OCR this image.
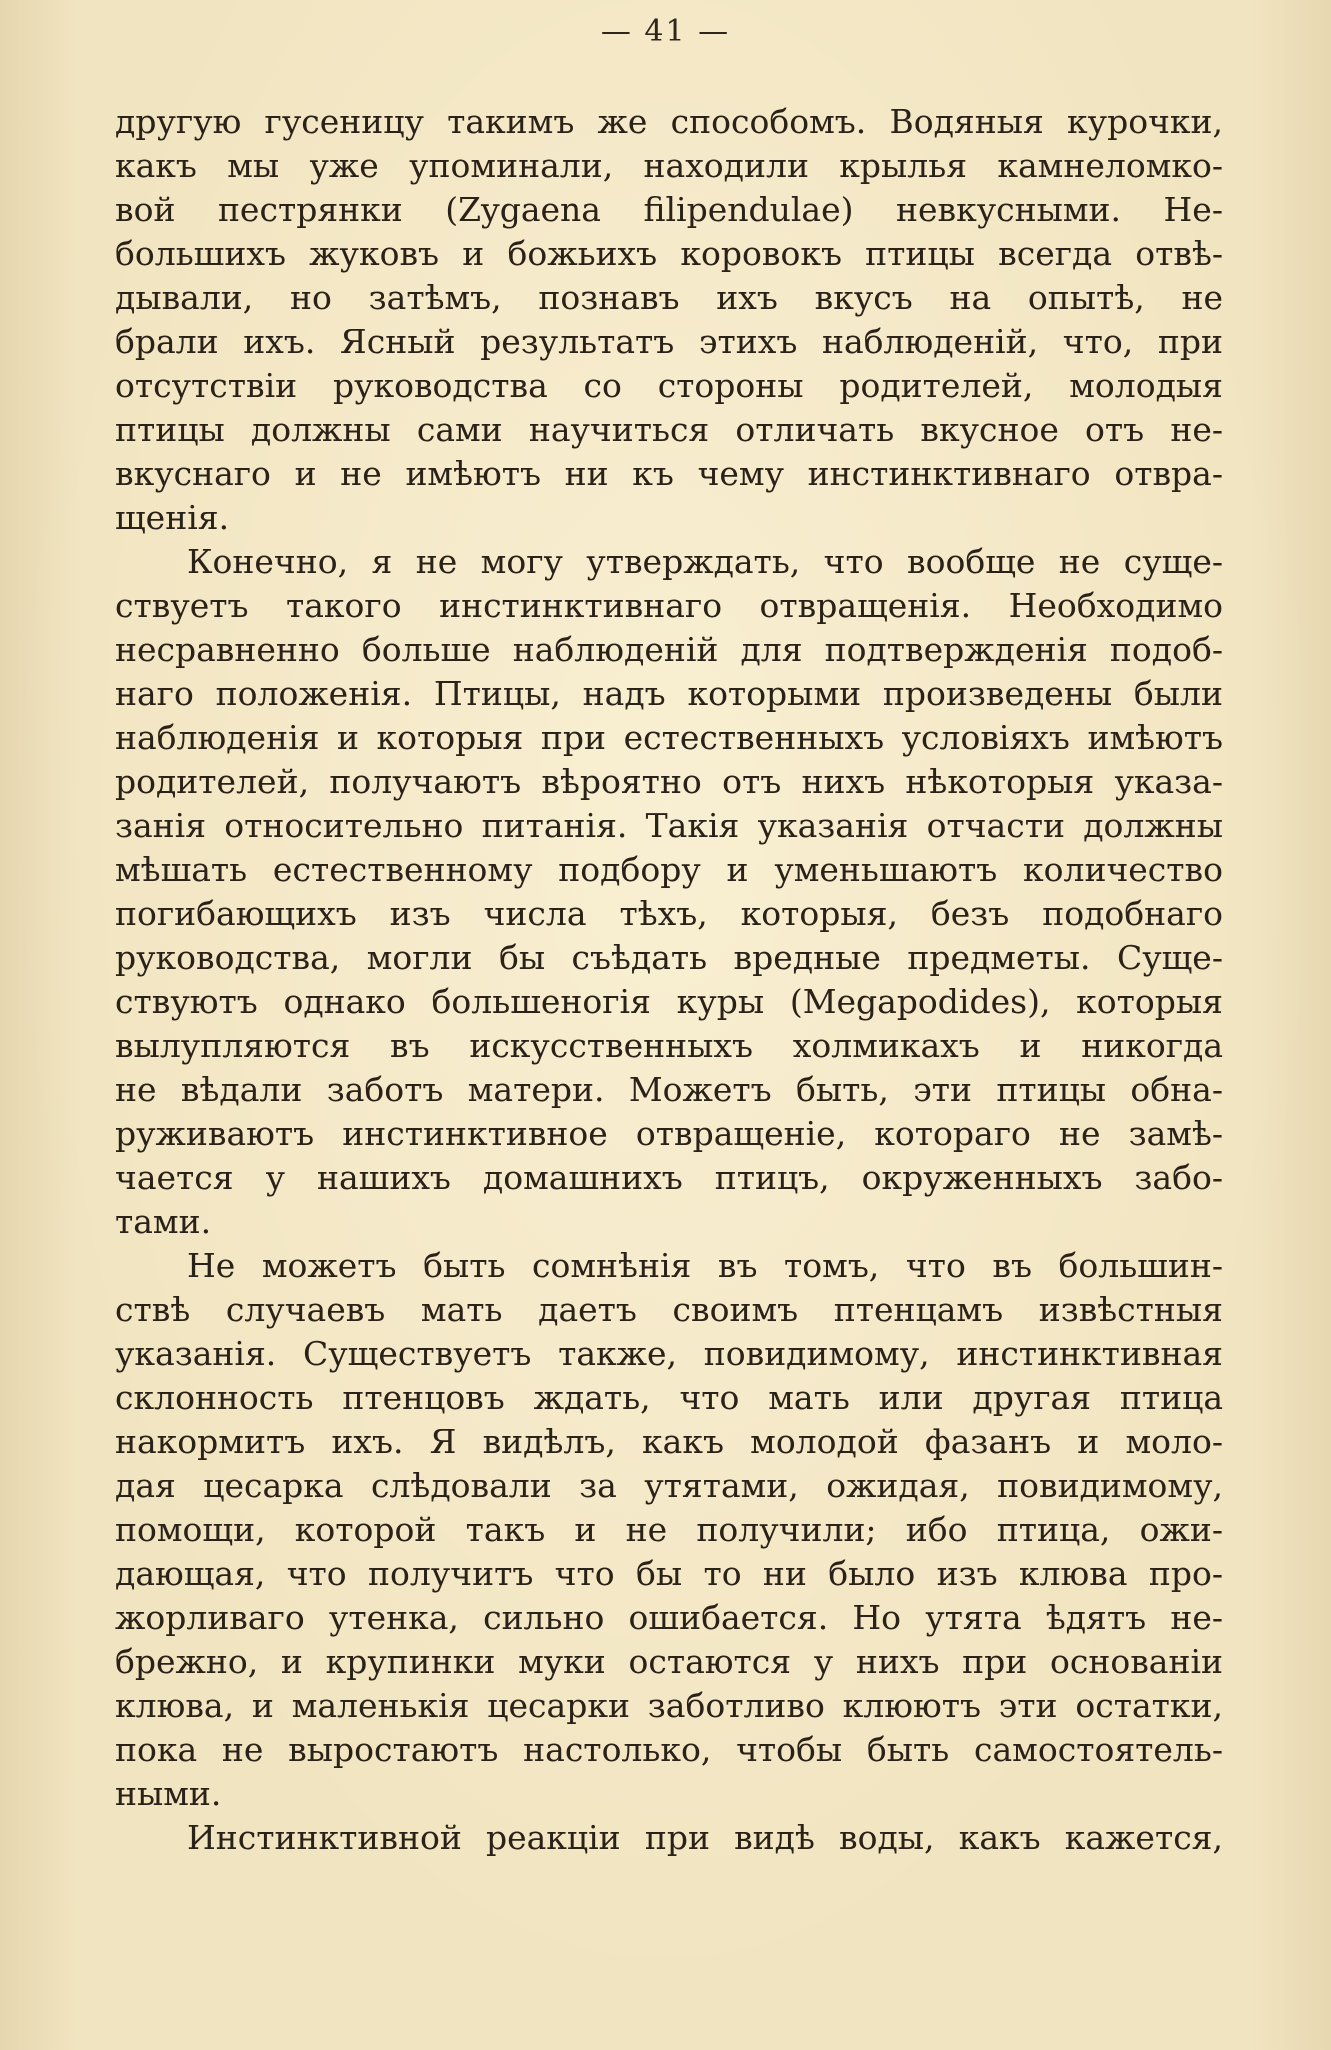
— 41 —
другую гусеницу такимъ же способомъ. Водяныя курочки,
какъ мы уже упоминали, находили крылья камнеломко-
вой пестрянки (Zygaena filipendulae) невкусными. Не-
большихъ жуковъ и божьихъ коровокъ птицы всегда отвѣ-
дывали, но затѣмъ, познавъ ихъ вкусъ на опытѣ, не
брали ихъ. Ясный результатъ этихъ наблюденій, что, при
отсутствіи руководства со стороны родителей, молодыя
птицы должны сами научиться отличать вкусное отъ не-
вкуснаго и не имѣютъ ни къ чему инстинктивнаго отвра-
щенія.
Конечно, я не могу утверждать, что вообще не суще-
ствуетъ такого инстинктивнаго отвращенія. Необходимо
несравненно больше наблюденій для подтвержденія подоб-
наго положенія. Птицы, надъ которыми произведены были
наблюденія и которыя при естественныхъ условіяхъ имѣютъ
родителей, получаютъ вѣроятно отъ нихъ нѣкоторыя указа-
занія относительно питанія. Такія указанія отчасти должны
мѣшать естественному подбору и уменьшаютъ количество
погибающихъ изъ числа тѣхъ, которыя, безъ подобнаго
руководства, могли бы съѣдать вредные предметы. Суще-
ствуютъ однако большеногія куры (Megapodides), которыя
вылупляются въ искусственныхъ холмикахъ и никогда
не вѣдали заботъ матери. Можетъ быть, эти птицы обна-
руживаютъ инстинктивное отвращеніе, котораго не замѣ-
чается у нашихъ домашнихъ птицъ, окруженныхъ забо-
тами.
Не можетъ быть сомнѣнія въ томъ, что въ большин-
ствѣ случаевъ мать даетъ своимъ птенцамъ извѣстныя
указанія. Существуетъ также, повидимому, инстинктивная
склонность птенцовъ ждать, что мать или другая птица
накормитъ ихъ. Я видѣлъ, какъ молодой фазанъ и моло-
дая цесарка слѣдовали за утятами, ожидая, повидимому,
помощи, которой такъ и не получили; ибо птица, ожи-
дающая, что получитъ что бы то ни было изъ клюва про-
жорливаго утенка, сильно ошибается. Но утята ѣдятъ не-
брежно, и крупинки муки остаются у нихъ при основаніи
клюва, и маленькія цесарки заботливо клюютъ эти остатки,
пока не выростаютъ настолько, чтобы быть самостоятель-
ными.
Инстинктивной реакціи при видѣ воды, какъ кажется,
